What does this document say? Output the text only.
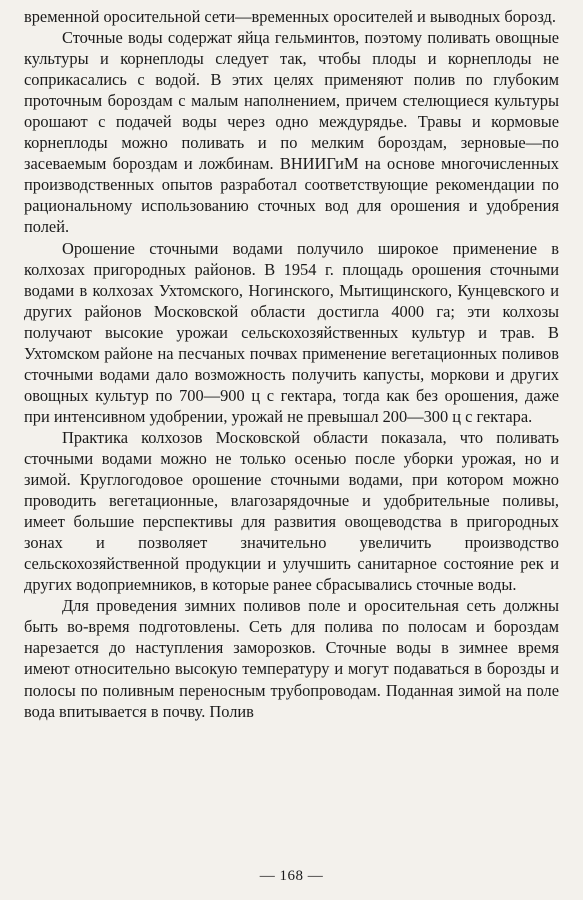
временной оросительной сети—временных оросителей и выводных борозд.

Сточные воды содержат яйца гельминтов, поэтому поливать овощные культуры и корнеплоды следует так, чтобы плоды и корнеплоды не соприкасались с водой. В этих целях применяют полив по глубоким проточным бороздам с малым наполнением, причем стелющиеся культуры орошают с подачей воды через одно междурядье. Травы и кормовые корнеплоды можно поливать и по мелким бороздам, зерновые—по засеваемым бороздам и ложбинам. ВНИИГиМ на основе многочисленных производственных опытов разработал соответствующие рекомендации по рациональному использованию сточных вод для орошения и удобрения полей.

Орошение сточными водами получило широкое применение в колхозах пригородных районов. В 1954 г. площадь орошения сточными водами в колхозах Ухтомского, Ногинского, Мытищинского, Кунцевского и других районов Московской области достигла 4000 га; эти колхозы получают высокие урожаи сельскохозяйственных культур и трав. В Ухтомском районе на песчаных почвах применение вегетационных поливов сточными водами дало возможность получить капусты, моркови и других овощных культур по 700—900 ц с гектара, тогда как без орошения, даже при интенсивном удобрении, урожай не превышал 200—300 ц с гектара.

Практика колхозов Московской области показала, что поливать сточными водами можно не только осенью после уборки урожая, но и зимой. Круглогодовое орошение сточными водами, при котором можно проводить вегетационные, влагозарядочные и удобрительные поливы, имеет большие перспективы для развития овощеводства в пригородных зонах и позволяет значительно увеличить производство сельскохозяйственной продукции и улучшить санитарное состояние рек и других водоприемников, в которые ранее сбрасывались сточные воды.

Для проведения зимних поливов поле и оросительная сеть должны быть во-время подготовлены. Сеть для полива по полосам и бороздам нарезается до наступления заморозков. Сточные воды в зимнее время имеют относительно высокую температуру и могут подаваться в борозды и полосы по поливным переносным трубопроводам. Поданная зимой на поле вода впитывается в почву. Полив

— 168 —
